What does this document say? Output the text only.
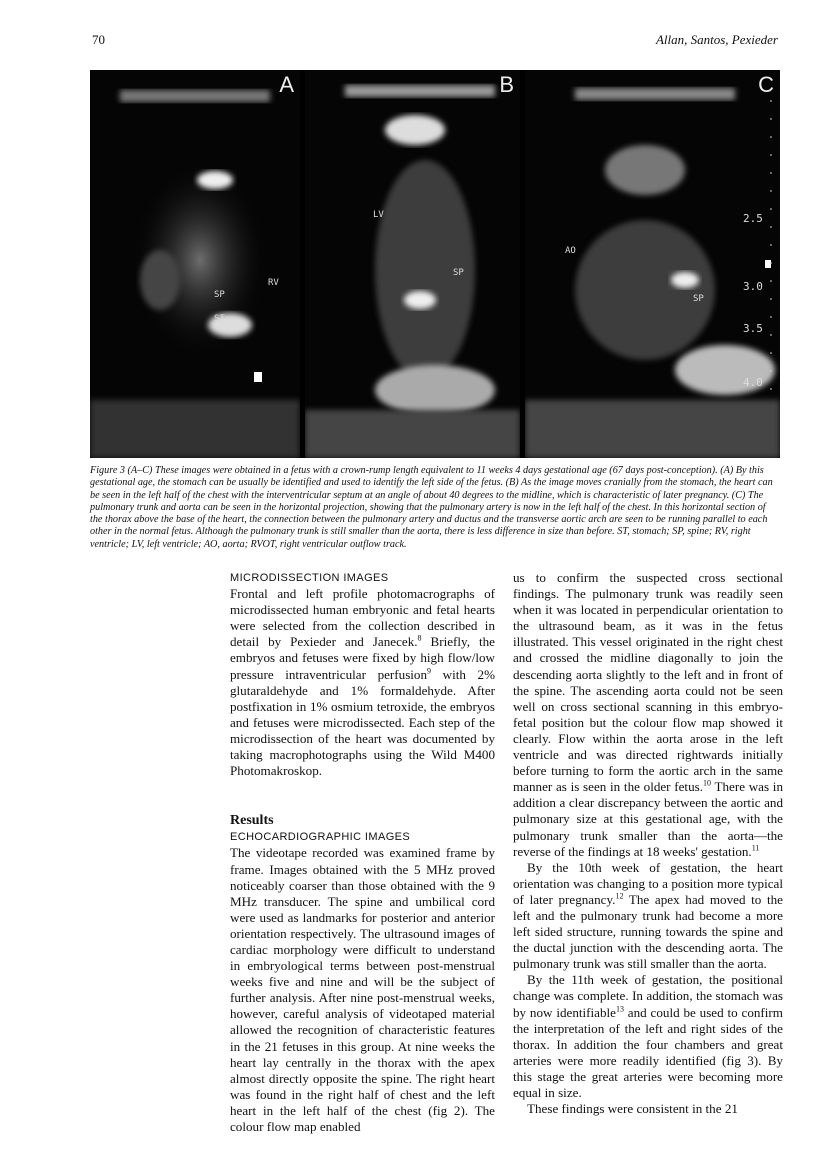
70	Allan, Santos, Pexieder
A
RV
SP
ST
B
LV
SP
C
AO
SP
2.5
3.0
3.5
4.0
Figure 3 (A–C) These images were obtained in a fetus with a crown-rump length equivalent to 11 weeks 4 days gestational age (67 days post-conception). (A) By this gestational age, the stomach can be usually be identified and used to identify the left side of the fetus. (B) As the image moves cranially from the stomach, the heart can be seen in the left half of the chest with the interventricular septum at an angle of about 40 degrees to the midline, which is characteristic of later pregnancy. (C) The pulmonary trunk and aorta can be seen in the horizontal projection, showing that the pulmonary artery is now in the left half of the chest. In this horizontal section of the thorax above the base of the heart, the connection between the pulmonary artery and ductus and the transverse aortic arch are seen to be running parallel to each other in the normal fetus. Although the pulmonary trunk is still smaller than the aorta, there is less difference in size than before. ST, stomach; SP, spine; RV, right ventricle; LV, left ventricle; AO, aorta; RVOT, right ventricular outflow track.

MICRODISSECTION IMAGES

Frontal and left profile photomacrographs of microdissected human embryonic and fetal hearts were selected from the collection described in detail by Pexieder and Janecek.$^8$ Briefly, the embryos and fetuses were fixed by high flow/low pressure intraventricular perfusion$^9$ with 2% glutaraldehyde and 1% formaldehyde. After postfixation in 1% osmium tetroxide, the embryos and fetuses were microdissected. Each step of the microdissection of the heart was documented by taking macrophotographs using the Wild M400 Photomakroskop.

Results

ECHOCARDIOGRAPHIC IMAGES

The videotape recorded was examined frame by frame. Images obtained with the 5 MHz proved noticeably coarser than those obtained with the 9 MHz transducer. The spine and umbilical cord were used as landmarks for posterior and anterior orientation respectively. The ultrasound images of cardiac morphology were difficult to understand in embryological terms between post-menstrual weeks five and nine and will be the subject of further analysis. After nine post-menstrual weeks, however, careful analysis of videotaped material allowed the recognition of characteristic features in the 21 fetuses in this group. At nine weeks the heart lay centrally in the thorax with the apex almost directly opposite the spine. The right heart was found in the right half of chest and the left heart in the left half of the chest (fig 2). The colour flow map enabled

us to confirm the suspected cross sectional findings. The pulmonary trunk was readily seen when it was located in perpendicular orientation to the ultrasound beam, as it was in the fetus illustrated. This vessel originated in the right chest and crossed the midline diagonally to join the descending aorta slightly to the left and in front of the spine. The ascending aorta could not be seen well on cross sectional scanning in this embryo-fetal position but the colour flow map showed it clearly. Flow within the aorta arose in the left ventricle and was directed rightwards initially before turning to form the aortic arch in the same manner as is seen in the older fetus.$^{10}$ There was in addition a clear discrepancy between the aortic and pulmonary size at this gestational age, with the pulmonary trunk smaller than the aorta—the reverse of the findings at 18 weeks' gestation.$^{11}$

By the 10th week of gestation, the heart orientation was changing to a position more typical of later pregnancy.$^{12}$ The apex had moved to the left and the pulmonary trunk had become a more left sided structure, running towards the spine and the ductal junction with the descending aorta. The pulmonary trunk was still smaller than the aorta.

By the 11th week of gestation, the positional change was complete. In addition, the stomach was by now identifiable$^{13}$ and could be used to confirm the interpretation of the left and right sides of the thorax. In addition the four chambers and great arteries were more readily identified (fig 3). By this stage the great arteries were becoming more equal in size.

These findings were consistent in the 21
